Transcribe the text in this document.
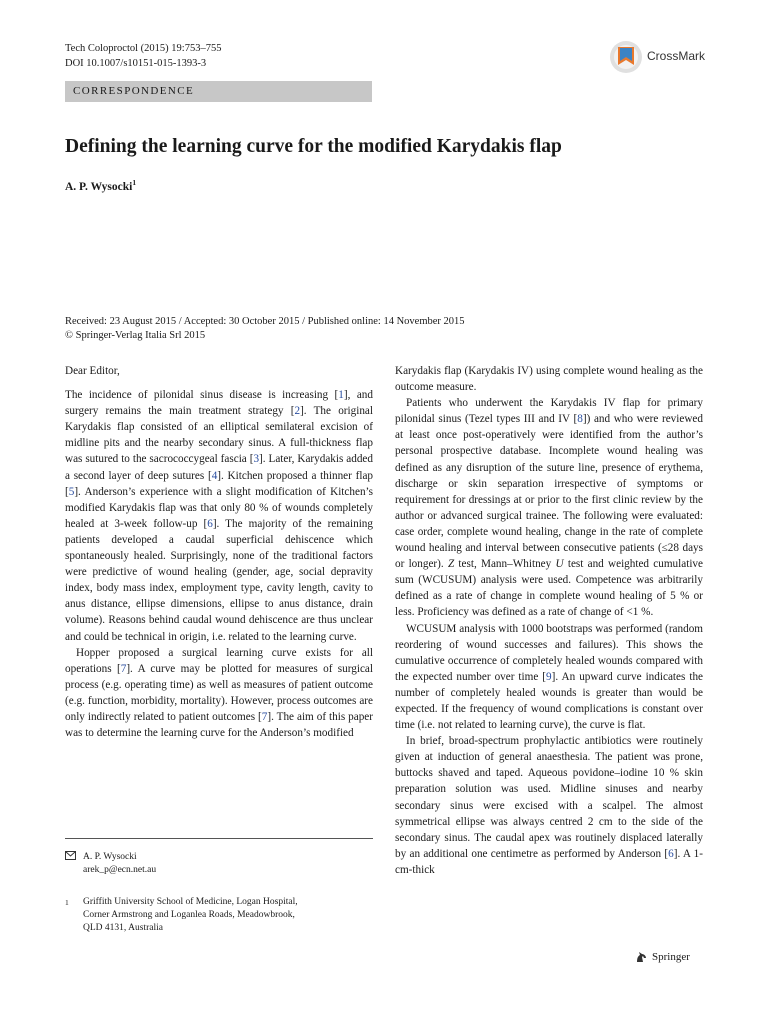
Tech Coloproctol (2015) 19:753–755
DOI 10.1007/s10151-015-1393-3
CrossMark
CORRESPONDENCE
Defining the learning curve for the modified Karydakis flap
A. P. Wysocki$^1$
Received: 23 August 2015 / Accepted: 30 October 2015 / Published online: 14 November 2015
© Springer-Verlag Italia Srl 2015

Dear Editor,

The incidence of pilonidal sinus disease is increasing [1], and surgery remains the main treatment strategy [2]. The original Karydakis flap consisted of an elliptical semilateral excision of midline pits and the nearby secondary sinus. A full-thickness flap was sutured to the sacrococcygeal fascia [3]. Later, Karydakis added a second layer of deep sutures [4]. Kitchen proposed a thinner flap [5]. Anderson’s experience with a slight modification of Kitchen’s modified Karydakis flap was that only 80 % of wounds completely healed at 3-week follow-up [6]. The majority of the remaining patients developed a caudal superficial dehiscence which spontaneously healed. Surprisingly, none of the traditional factors were predictive of wound healing (gender, age, social depravity index, body mass index, employment type, cavity length, cavity to anus distance, ellipse dimensions, ellipse to anus distance, drain volume). Reasons behind caudal wound dehiscence are thus unclear and could be technical in origin, i.e. related to the learning curve.

Hopper proposed a surgical learning curve exists for all operations [7]. A curve may be plotted for measures of surgical process (e.g. operating time) as well as measures of patient outcome (e.g. function, morbidity, mortality). However, process outcomes are only indirectly related to patient outcomes [7]. The aim of this paper was to determine the learning curve for the Anderson’s modified

A. P. Wysocki
arek_p@ecn.net.au
1 Griffith University School of Medicine, Logan Hospital,
Corner Armstrong and Loganlea Roads, Meadowbrook,
QLD 4131, Australia

Karydakis flap (Karydakis IV) using complete wound healing as the outcome measure.

Patients who underwent the Karydakis IV flap for primary pilonidal sinus (Tezel types III and IV [8]) and who were reviewed at least once post-operatively were identified from the author’s personal prospective database. Incomplete wound healing was defined as any disruption of the suture line, presence of erythema, discharge or skin separation irrespective of symptoms or requirement for dressings at or prior to the first clinic review by the author or advanced surgical trainee. The following were evaluated: case order, complete wound healing, change in the rate of complete wound healing and interval between consecutive patients (≤28 days or longer). Z test, Mann–Whitney U test and weighted cumulative sum (WCUSUM) analysis were used. Competence was arbitrarily defined as a rate of change in complete wound healing of 5 % or less. Proficiency was defined as a rate of change of <1 %.

WCUSUM analysis with 1000 bootstraps was performed (random reordering of wound successes and failures). This shows the cumulative occurrence of completely healed wounds compared with the expected number over time [9]. An upward curve indicates the number of completely healed wounds is greater than would be expected. If the frequency of wound complications is constant over time (i.e. not related to learning curve), the curve is flat.

In brief, broad-spectrum prophylactic antibiotics were routinely given at induction of general anaesthesia. The patient was prone, buttocks shaved and taped. Aqueous povidone–iodine 10 % skin preparation solution was used. Midline sinuses and nearby secondary sinus were excised with a scalpel. The almost symmetrical ellipse was always centred 2 cm to the side of the secondary sinus. The caudal apex was routinely displaced laterally by an additional one centimetre as performed by Anderson [6]. A 1-cm-thick

Springer
